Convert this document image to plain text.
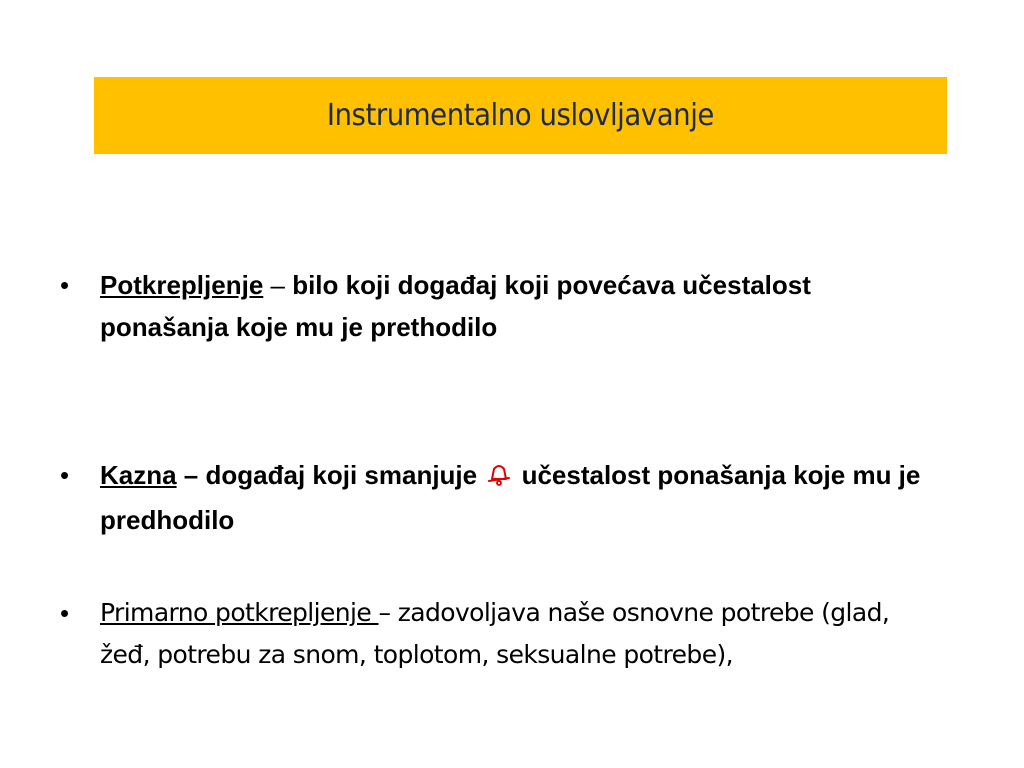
Instrumentalno uslovljavanje
• Potkrepljenje – bilo koji događaj koji povećava učestalost ponašanja koje mu je prethodilo
• Kazna – događaj koji smanjuje  učestalost ponašanja koje mu je predhodilo
• Primarno potkrepljenje – zadovoljava naše osnovne potrebe (glad, žeđ, potrebu za snom, toplotom, seksualne potrebe),
